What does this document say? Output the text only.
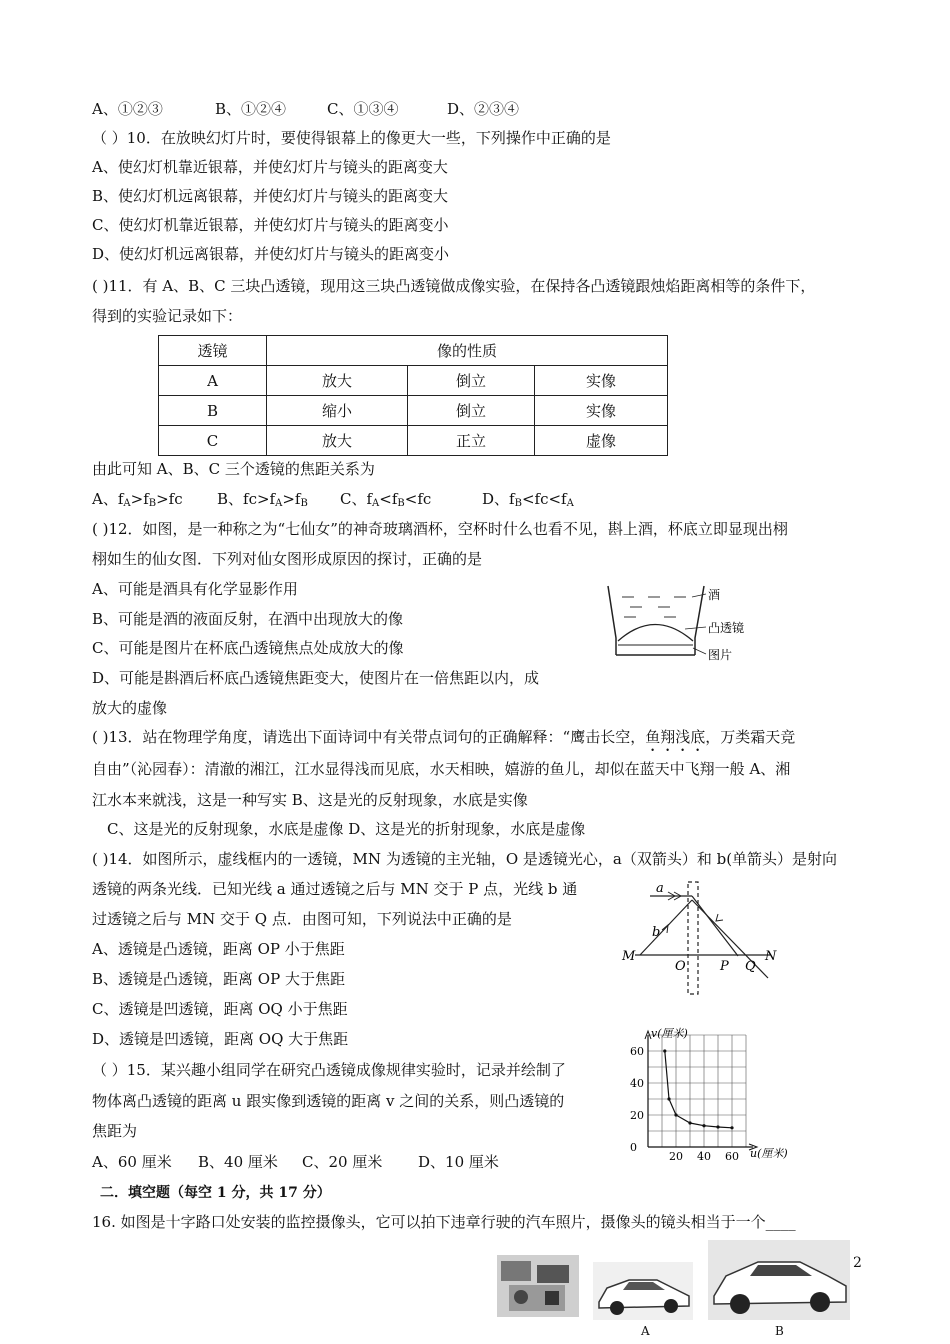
A、①②③	B、①②④	C、①③④	D、②③④
（ ）10．在放映幻灯片时，要使得银幕上的像更大一些，下列操作中正确的是
A、使幻灯机靠近银幕，并使幻灯片与镜头的距离变大
B、使幻灯机远离银幕，并使幻灯片与镜头的距离变大
C、使幻灯机靠近银幕，并使幻灯片与镜头的距离变小
D、使幻灯机远离银幕，并使幻灯片与镜头的距离变小
( )11．有 A、B、C 三块凸透镜，现用这三块凸透镜做成像实验，在保持各凸透镜跟烛焰距离相等的条件下，
得到的实验记录如下：
透镜	像的性质		
A	放大	倒立	实像
B	缩小	倒立	实像
C	放大	正立	虚像
由此可知 A、B、C 三个透镜的焦距关系为
A、$f_A>f_B>fc$ B、$fc>f_A>f_B$ C、$f_A<f_B<fc$	D、$f_B<fc<f_A$
( )12．如图，是一种称之为“七仙女”的神奇玻璃酒杯，空杯时什么也看不见，斟上酒，杯底立即显现出栩
栩如生的仙女图．下列对仙女图形成原因的探讨，正确的是
A、可能是酒具有化学显影作用
B、可能是酒的液面反射，在酒中出现放大的像
C、可能是图片在杯底凸透镜焦点处成放大的像
D、可能是斟酒后杯底凸透镜焦距变大，使图片在一倍焦距以内，成
放大的虚像
酒
凸透镜
图片
( )13．站在物理学角度，请选出下面诗词中有关带点词句的正确解释：“鹰击长空，鱼翔浅底，万类霜天竞
自由”（沁园春）：清澈的湘江，江水显得浅而见底，水天相映，嬉游的鱼儿，却似在蓝天中飞翔一般 A、湘
江水本来就浅，这是一种写实 B、这是光的反射现象，水底是实像
C、这是光的反射现象，水底是虚像 D、这是光的折射现象，水底是虚像
( )14．如图所示，虚线框内的一透镜，MN 为透镜的主光轴，O 是透镜光心，a（双箭头）和 b(单箭头）是射向
透镜的两条光线．已知光线 a 通过透镜之后与 MN 交于 P 点，光线 b 通
过透镜之后与 MN 交于 Q 点．由图可知，下列说法中正确的是
A、透镜是凸透镜，距离 OP 小于焦距
B、透镜是凸透镜，距离 OP 大于焦距
C、透镜是凹透镜，距离 OQ 小于焦距
D、透镜是凹透镜，距离 OQ 大于焦距
a
b
M
O	P Q
N
（ ）15．某兴趣小组同学在研究凸透镜成像规律实验时，记录并绘制了
物体离凸透镜的距离 u 跟实像到透镜的距离 v 之间的关系，则凸透镜的
焦距为
A、60 厘米 B、40 厘米 C、20 厘米 D、10 厘米	20 40 60
0
20
40
60
v(厘米)
u(厘米)
二．填空题（每空 1 分，共 17 分）
16. 如图是十字路口处安装的监控摄像头，它可以拍下违章行驶的汽车照片，摄像头的镜头相当于一个____
A	B
2
